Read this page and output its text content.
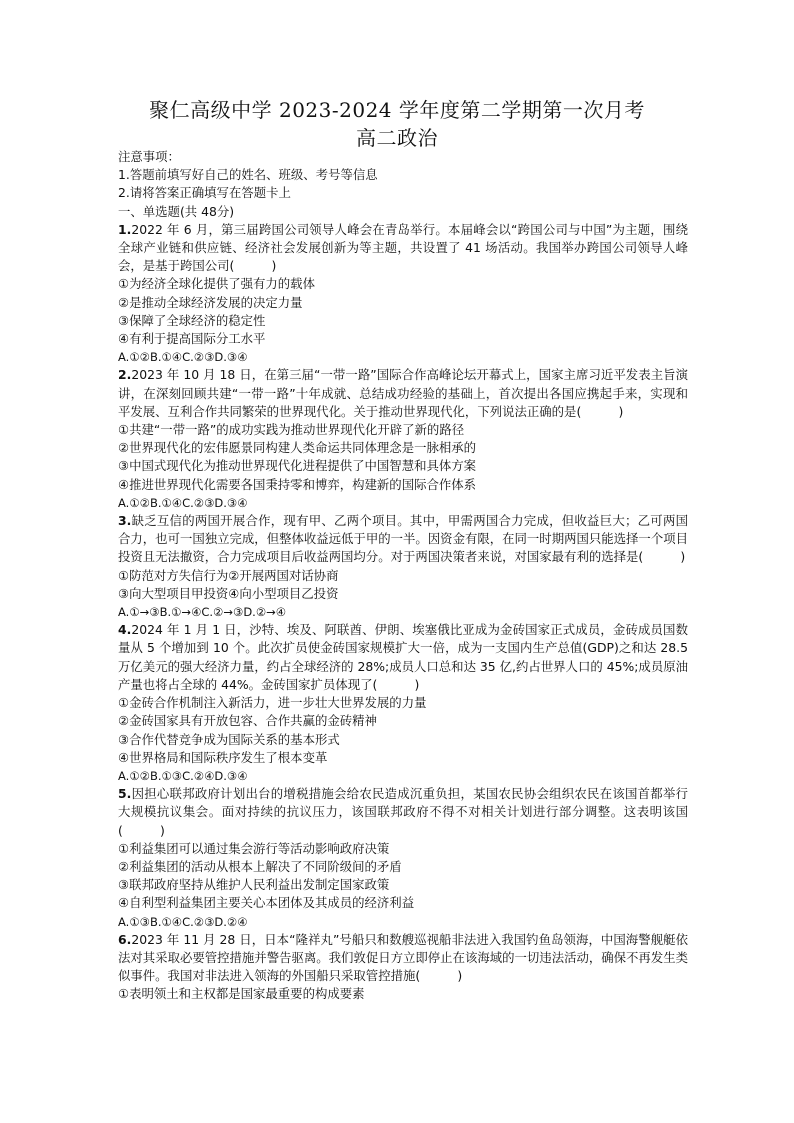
聚仁高级中学 2023-2024 学年度第二学期第一次月考
高二政治
注意事项：
1.答题前填写好自己的姓名、班级、考号等信息
2.请将答案正确填写在答题卡上
一、单选题(共 48分)
1.2022 年 6 月，第三届跨国公司领导人峰会在青岛举行。本届峰会以“跨国公司与中国”为主题，围绕全球产业链和供应链、经济社会发展创新为等主题，共设置了 41 场活动。我国举办跨国公司领导人峰会，是基于跨国公司(　　　)
①为经济全球化提供了强有力的载体
②是推动全球经济发展的决定力量
③保障了全球经济的稳定性
④有利于提高国际分工水平
A.①②B.①④C.②③D.③④
2.2023 年 10 月 18 日，在第三届“一带一路”国际合作高峰论坛开幕式上，国家主席习近平发表主旨演讲，在深刻回顾共建“一带一路”十年成就、总结成功经验的基础上，首次提出各国应携起手来，实现和平发展、互利合作共同繁荣的世界现代化。关于推动世界现代化，下列说法正确的是(　　　)
①共建“一带一路”的成功实践为推动世界现代化开辟了新的路径
②世界现代化的宏伟愿景同构建人类命运共同体理念是一脉相承的
③中国式现代化为推动世界现代化进程提供了中国智慧和具体方案
④推进世界现代化需要各国秉持零和博弈，构建新的国际合作体系
A.①②B.①④C.②③D.③④
3.缺乏互信的两国开展合作，现有甲、乙两个项目。其中，甲需两国合力完成，但收益巨大；乙可两国合力，也可一国独立完成，但整体收益远低于甲的一半。因资金有限，在同一时期两国只能选择一个项目投资且无法撤资，合力完成项目后收益两国均分。对于两国决策者来说，对国家最有利的选择是(　　　)
①防范对方失信行为②开展两国对话协商
③向大型项目甲投资④向小型项目乙投资
A.①→③B.①→④C.②→③D.②→④
4.2024 年 1 月 1 日，沙特、埃及、阿联酋、伊朗、埃塞俄比亚成为金砖国家正式成员，金砖成员国数量从 5 个增加到 10 个。此次扩员使金砖国家规模扩大一倍，成为一支国内生产总值(GDP)之和达 28.5 万亿美元的强大经济力量，约占全球经济的 28%;成员人口总和达 35 亿,约占世界人口的 45%;成员原油产量也将占全球的 44%。金砖国家扩员体现了(　　　)
①金砖合作机制注入新活力，进一步壮大世界发展的力量
②金砖国家具有开放包容、合作共赢的金砖精神
③合作代替竞争成为国际关系的基本形式
④世界格局和国际秩序发生了根本变革
A.①②B.①③C.②④D.③④
5.因担心联邦政府计划出台的增税措施会给农民造成沉重负担，某国农民协会组织农民在该国首都举行大规模抗议集会。面对持续的抗议压力，该国联邦政府不得不对相关计划进行部分调整。这表明该国(　　　)
①利益集团可以通过集会游行等活动影响政府决策
②利益集团的活动从根本上解决了不同阶级间的矛盾
③联邦政府坚持从维护人民利益出发制定国家政策
④自利型利益集团主要关心本团体及其成员的经济利益
A.①③B.①④C.②③D.②④
6.2023 年 11 月 28 日，日本“隆祥丸”号船只和数艘巡视船非法进入我国钓鱼岛领海，中国海警舰艇依法对其采取必要管控措施并警告驱离。我们敦促日方立即停止在该海域的一切违法活动，确保不再发生类似事件。我国对非法进入领海的外国船只采取管控措施(　　　)
①表明领土和主权都是国家最重要的构成要素
